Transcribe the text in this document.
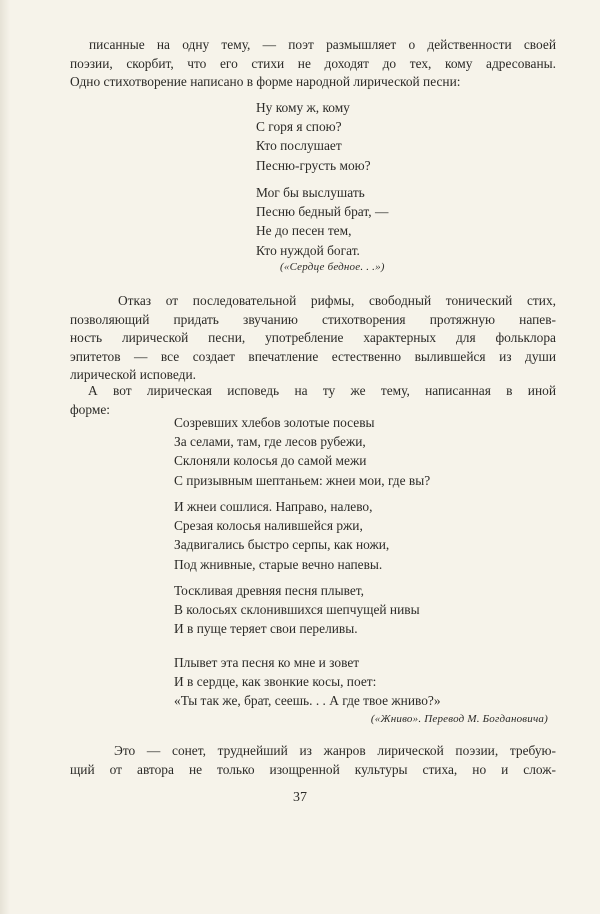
писанные на одну тему, — поэт размышляет о действенности своей
поэзии, скорбит, что его стихи не доходят до тех, кому адресованы.
Одно стихотворение написано в форме народной лирической песни:

Ну кому ж, кому
С горя я спою?
Кто послушает
Песню-грусть мою?
Мог бы выслушать
Песню бедный брат, —
Не до песен тем,
Кто нуждой богат.
(«Сердце бедное. . .»)

Отказ от последовательной рифмы, свободный тонический стих,
позволяющий придать звучанию стихотворения протяжную напев-
ность лирической песни, употребление характерных для фольклора
эпитетов — все создает впечатление естественно вылившейся из души
лирической исповеди.

А вот лирическая исповедь на ту же тему, написанная в иной
форме:

Созревших хлебов золотые посевы
За селами, там, где лесов рубежи,
Склоняли колосья до самой межи
С призывным шептаньем: жнеи мои, где вы?
И жнеи сошлися. Направо, налево,
Срезая колосья налившейся ржи,
Задвигались быстро серпы, как ножи,
Под жнивные, старые вечно напевы.
Тоскливая древняя песня плывет,
В колосьях склонившихся шепчущей нивы
И в пуще теряет свои переливы.
Плывет эта песня ко мне и зовет
И в сердце, как звонкие косы, поет:
«Ты так же, брат, сеешь. . . А где твое жниво?»
(«Жниво». Перевод М. Богдановича)

Это — сонет, труднейший из жанров лирической поэзии, требую-
щий от автора не только изощренной культуры стиха, но и слож-

37
